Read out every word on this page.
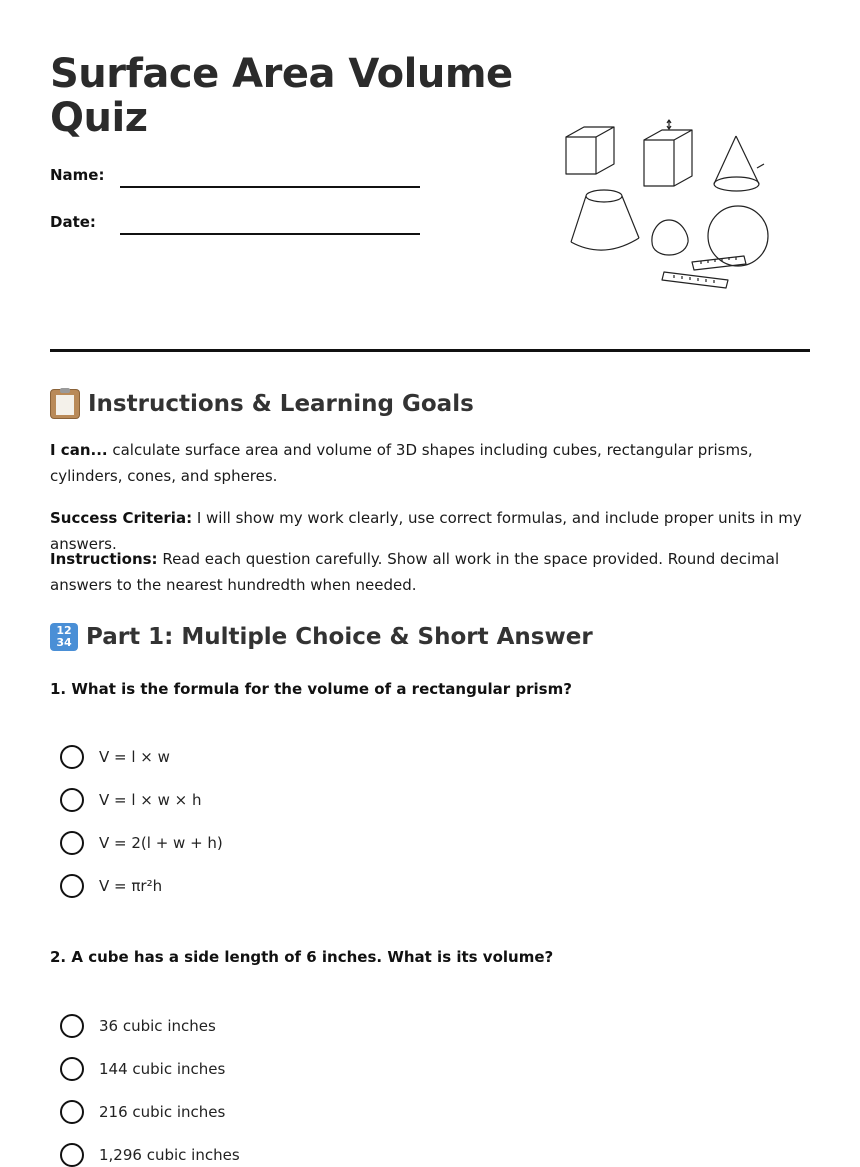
Surface Area Volume Quiz
Name:
Date:
Instructions & Learning Goals

I can... calculate surface area and volume of 3D shapes including cubes, rectangular prisms, cylinders, cones, and spheres.

Success Criteria: I will show my work clearly, use correct formulas, and include proper units in my answers.

Instructions: Read each question carefully. Show all work in the space provided. Round decimal answers to the nearest hundredth when needed.

12 34 Part 1: Multiple Choice & Short Answer

1. What is the formula for the volume of a rectangular prism?

V = l × w
V = l × w × h
V = 2(l + w + h)
V = πr²h

2. A cube has a side length of 6 inches. What is its volume?

36 cubic inches
144 cubic inches
216 cubic inches
1,296 cubic inches
